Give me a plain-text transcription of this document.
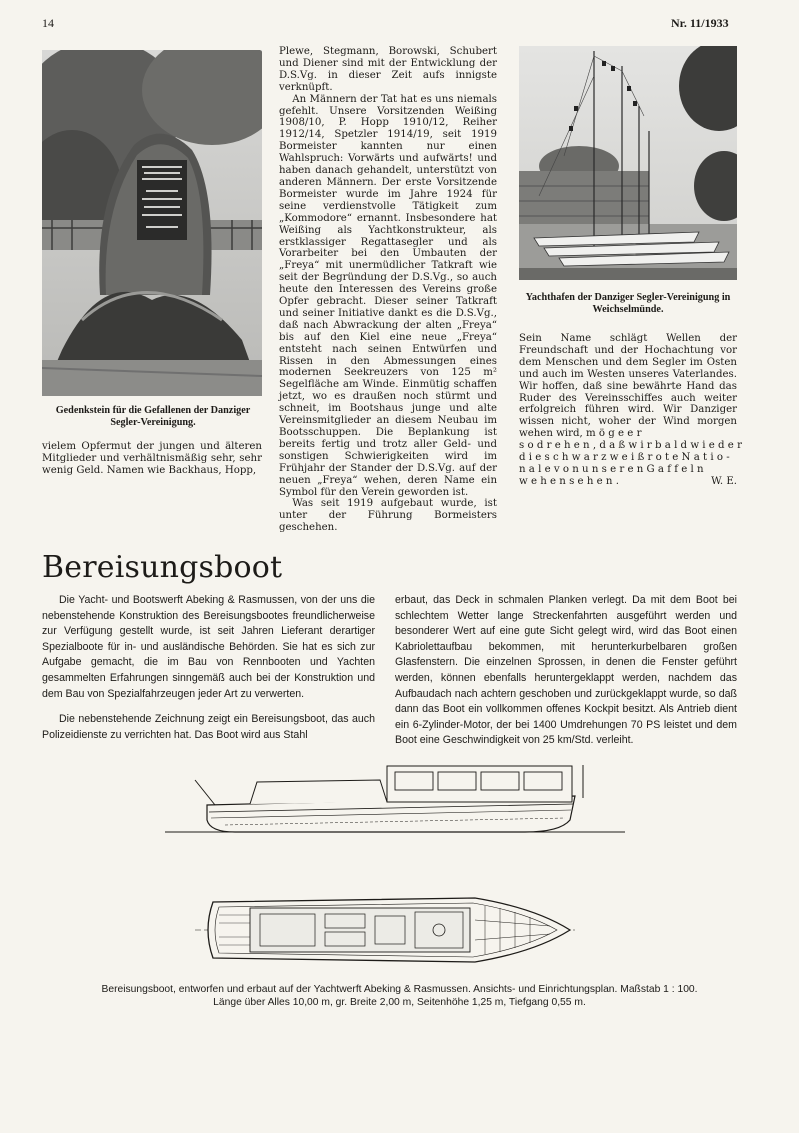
14	Nr. 11/1933
Gedenkstein für die Gefallenen der Danziger Segler-Vereinigung.

vielem Opfermut der jungen und älteren Mitglieder und verhältnismäßig sehr, sehr wenig Geld. Namen wie Backhaus, Hopp,

Plewe, Stegmann, Borowski, Schubert und Diener sind mit der Entwicklung der D.S.Vg. in dieser Zeit aufs innigste verknüpft.

An Männern der Tat hat es uns niemals gefehlt. Unsere Vorsitzenden Weißing 1908/10, P. Hopp 1910/12, Reiher 1912/14, Spetzler 1914/19, seit 1919 Bormeister kannten nur einen Wahlspruch: Vorwärts und aufwärts! und haben danach gehandelt, unterstützt von anderen Männern. Der erste Vorsitzende Bormeister wurde im Jahre 1924 für seine verdienstvolle Tätigkeit zum „Kommodore“ ernannt. Insbesondere hat Weißing als Yachtkonstrukteur, als erstklassiger Regattasegler und als Vorarbeiter bei den Umbauten der „Freya“ mit unermüdlicher Tatkraft wie seit der Begründung der D.S.Vg., so auch heute den Interessen des Vereins große Opfer gebracht. Dieser seiner Tatkraft und seiner Initiative dankt es die D.S.Vg., daß nach Abwrackung der alten „Freya“ bis auf den Kiel eine neue „Freya“ entsteht nach seinen Entwürfen und Rissen in den Abmessungen eines modernen Seekreuzers von 125 m² Segelfläche am Winde. Einmütig schaffen jetzt, wo es draußen noch stürmt und schneit, im Bootshaus junge und alte Vereinsmitglieder an diesem Neubau im Bootsschuppen. Die Beplankung ist bereits fertig und trotz aller Geld- und sonstigen Schwierigkeiten wird im Frühjahr der Stander der D.S.Vg. auf der neuen „Freya“ wehen, deren Name ein Symbol für den Verein geworden ist.

Was seit 1919 aufgebaut wurde, ist unter der Führung Bormeisters geschehen.

Yachthafen der Danziger Segler-Vereinigung in Weichselmünde.

Sein Name schlägt Wellen der Freundschaft und der Hochachtung vor dem Menschen und dem Segler im Osten und auch im Westen unseres Vaterlandes. Wir hoffen, daß sine bewährte Hand das Ruder des Vereinsschiffes auch weiter erfolgreich führen wird. Wir Danziger wissen nicht, woher der Wind morgen wehen wird, m ö g e e r

s o d r e h e n , d a ß w i r b a l d w i e d e r
d i e s c h w a r z w e i ß r o t e N a t i o -
n a l e v o n u n s e r e n G a f f e l n
w e h e n s e h e n .	W. E.
Bereisungsboot

Die Yacht- und Bootswerft Abeking & Rasmussen, von der uns die nebenstehende Konstruktion des Bereisungsbootes freundlicherweise zur Verfügung gestellt wurde, ist seit Jahren Lieferant derartiger Spezialboote für in- und ausländische Behörden. Sie hat es sich zur Aufgabe gemacht, die im Bau von Rennbooten und Yachten gesammelten Erfahrungen sinngemäß auch bei der Konstruktion und dem Bau von Spezialfahrzeugen jeder Art zu verwerten.

Die nebenstehende Zeichnung zeigt ein Bereisungsboot, das auch Polizeidienste zu verrichten hat. Das Boot wird aus Stahl

erbaut, das Deck in schmalen Planken verlegt. Da mit dem Boot bei schlechtem Wetter lange Streckenfahrten ausgeführt werden und besonderer Wert auf eine gute Sicht gelegt wird, wird das Boot einen Kabriolettaufbau bekommen, mit herunterkurbelbaren großen Glasfenstern. Die einzelnen Sprossen, in denen die Fenster geführt werden, können ebenfalls heruntergeklappt werden, nachdem das Aufbaudach nach achtern geschoben und zurückgeklappt wurde, so daß dann das Boot ein vollkommen offenes Kockpit besitzt. Als Antrieb dient ein 6-Zylinder-Motor, der bei 1400 Umdrehungen 70 PS leistet und dem Boot eine Geschwindigkeit von 25 km/Std. verleiht.

Bereisungsboot, entworfen und erbaut auf der Yachtwerft Abeking & Rasmussen. Ansichts- und Einrichtungsplan. Maßstab 1 : 100.
Länge über Alles 10,00 m, gr. Breite 2,00 m, Seitenhöhe 1,25 m, Tiefgang 0,55 m.
